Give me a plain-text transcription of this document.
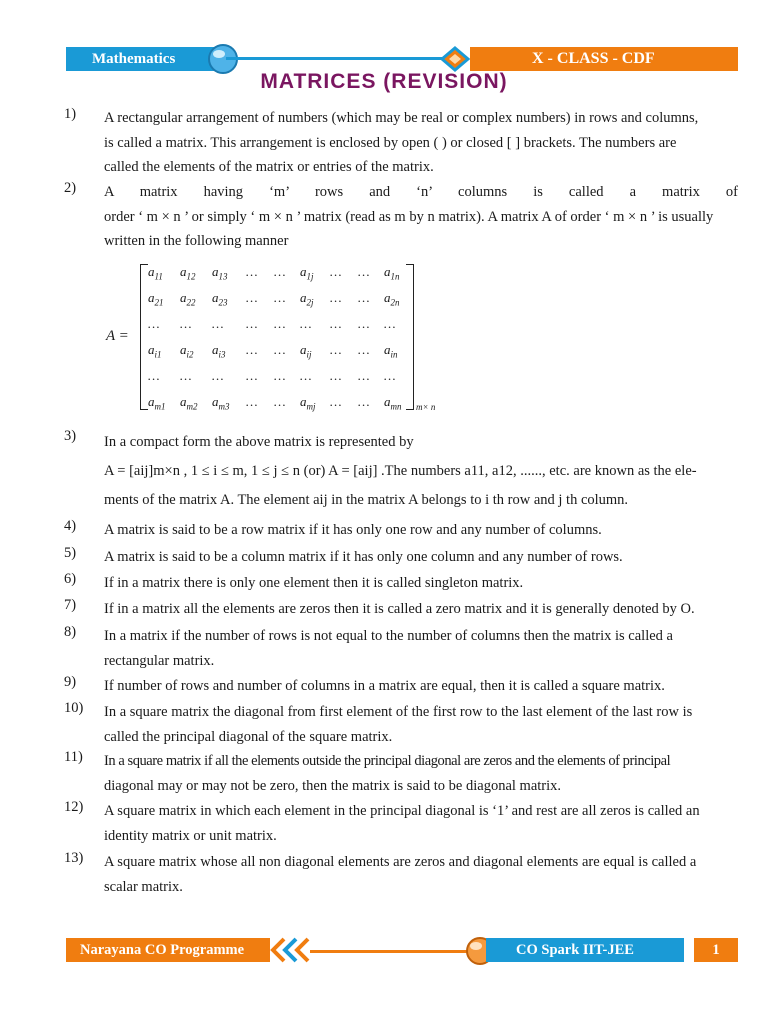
Mathematics	X - CLASS - CDF
MATRICES (REVISION)
1) A rectangular arrangement of numbers (which may be real or complex numbers) in rows and columns,
is called a matrix. This arrangement is enclosed by open ( ) or closed [ ] brackets. The numbers are
called the elements of the matrix or entries of the matrix.
2) A matrix having ‘m’ rows and ‘n’ columns is called a matrix of
order ‘ m × n ’ or simply ‘ m × n ’ matrix (read as m by n matrix). A matrix A of order ‘ m × n ’ is usually
written in the following manner
A =
$a_{11}$ $a_{12}$ $a_{13}$ … … $a_{1j}$ … … $a_{1n}$
$a_{21}$ $a_{22}$ $a_{23}$ … … $a_{2j}$ … … $a_{2n}$
… … … … … … … … …
$a_{i1}$ $a_{i2}$ $a_{i3}$ … … $a_{ij}$ … … $a_{in}$
… … … … … … … … …
$a_{m1}$ $a_{m2}$ $a_{m3}$ … … $a_{mj}$ … … $a_{mn}$ m× n
3) In a compact form the above matrix is represented by
A = [aij]m×n , 1 ≤ i ≤ m, 1 ≤ j ≤ n (or) A = [aij] .The numbers a11, a12, ......, etc. are known as the ele-
ments of the matrix A. The element aij in the matrix A belongs to i th row and j th column.
4) A matrix is said to be a row matrix if it has only one row and any number of columns.
5) A matrix is said to be a column matrix if it has only one column and any number of rows.
6) If in a matrix there is only one element then it is called singleton matrix.
7) If in a matrix all the elements are zeros then it is called a zero matrix and it is generally denoted by O.
8) In a matrix if the number of rows is not equal to the number of columns then the matrix is called a
rectangular matrix.
9) If number of rows and number of columns in a matrix are equal, then it is called a square matrix.
10) In a square matrix the diagonal from first element of the first row to the last element of the last row is
called the principal diagonal of the square matrix.
11) In a square matrix if all the elements outside the principal diagonal are zeros and the elements of principal
diagonal may or may not be zero, then the matrix is said to be diagonal matrix.
12) A square matrix in which each element in the principal diagonal is ‘1’ and rest are all zeros is called an
identity matrix or unit matrix.
13) A square matrix whose all non diagonal elements are zeros and diagonal elements are equal is called a
scalar matrix.
Narayana CO Programme	CO Spark IIT-JEE	1
